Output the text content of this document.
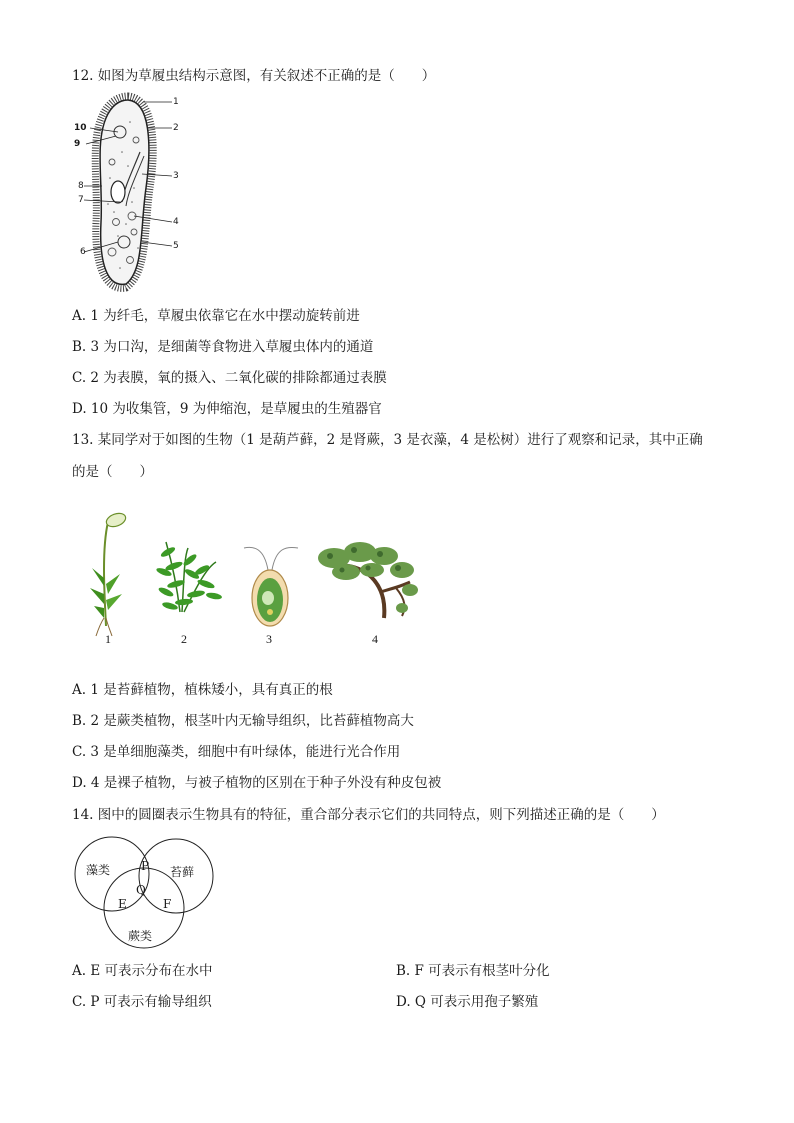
12. 如图为草履虫结构示意图，有关叙述不正确的是（　　）
1
2
3
4
5
6
7
8
9
10
A. 1 为纤毛，草履虫依靠它在水中摆动旋转前进
B. 3 为口沟，是细菌等食物进入草履虫体内的通道
C. 2 为表膜，氧的摄入、二氧化碳的排除都通过表膜
D. 10 为收集管，9 为伸缩泡，是草履虫的生殖器官
13. 某同学对于如图的生物（1 是葫芦藓，2 是肾蕨，3 是衣藻，4 是松树）进行了观察和记录，其中正确
的是（　　）
1	2	3	4
A. 1 是苔藓植物，植株矮小，具有真正的根
B. 2 是蕨类植物，根茎叶内无输导组织，比苔藓植物高大
C. 3 是单细胞藻类，细胞中有叶绿体，能进行光合作用
D. 4 是裸子植物，与被子植物的区别在于种子外没有种皮包被
14. 图中的圆圈表示生物具有的特征，重合部分表示它们的共同特点，则下列描述正确的是（　　）
藻类	苔藓
蕨类
P
Q
E	F
A. E 可表示分布在水中	B. F 可表示有根茎叶分化
C. P 可表示有输导组织	D. Q 可表示用孢子繁殖
